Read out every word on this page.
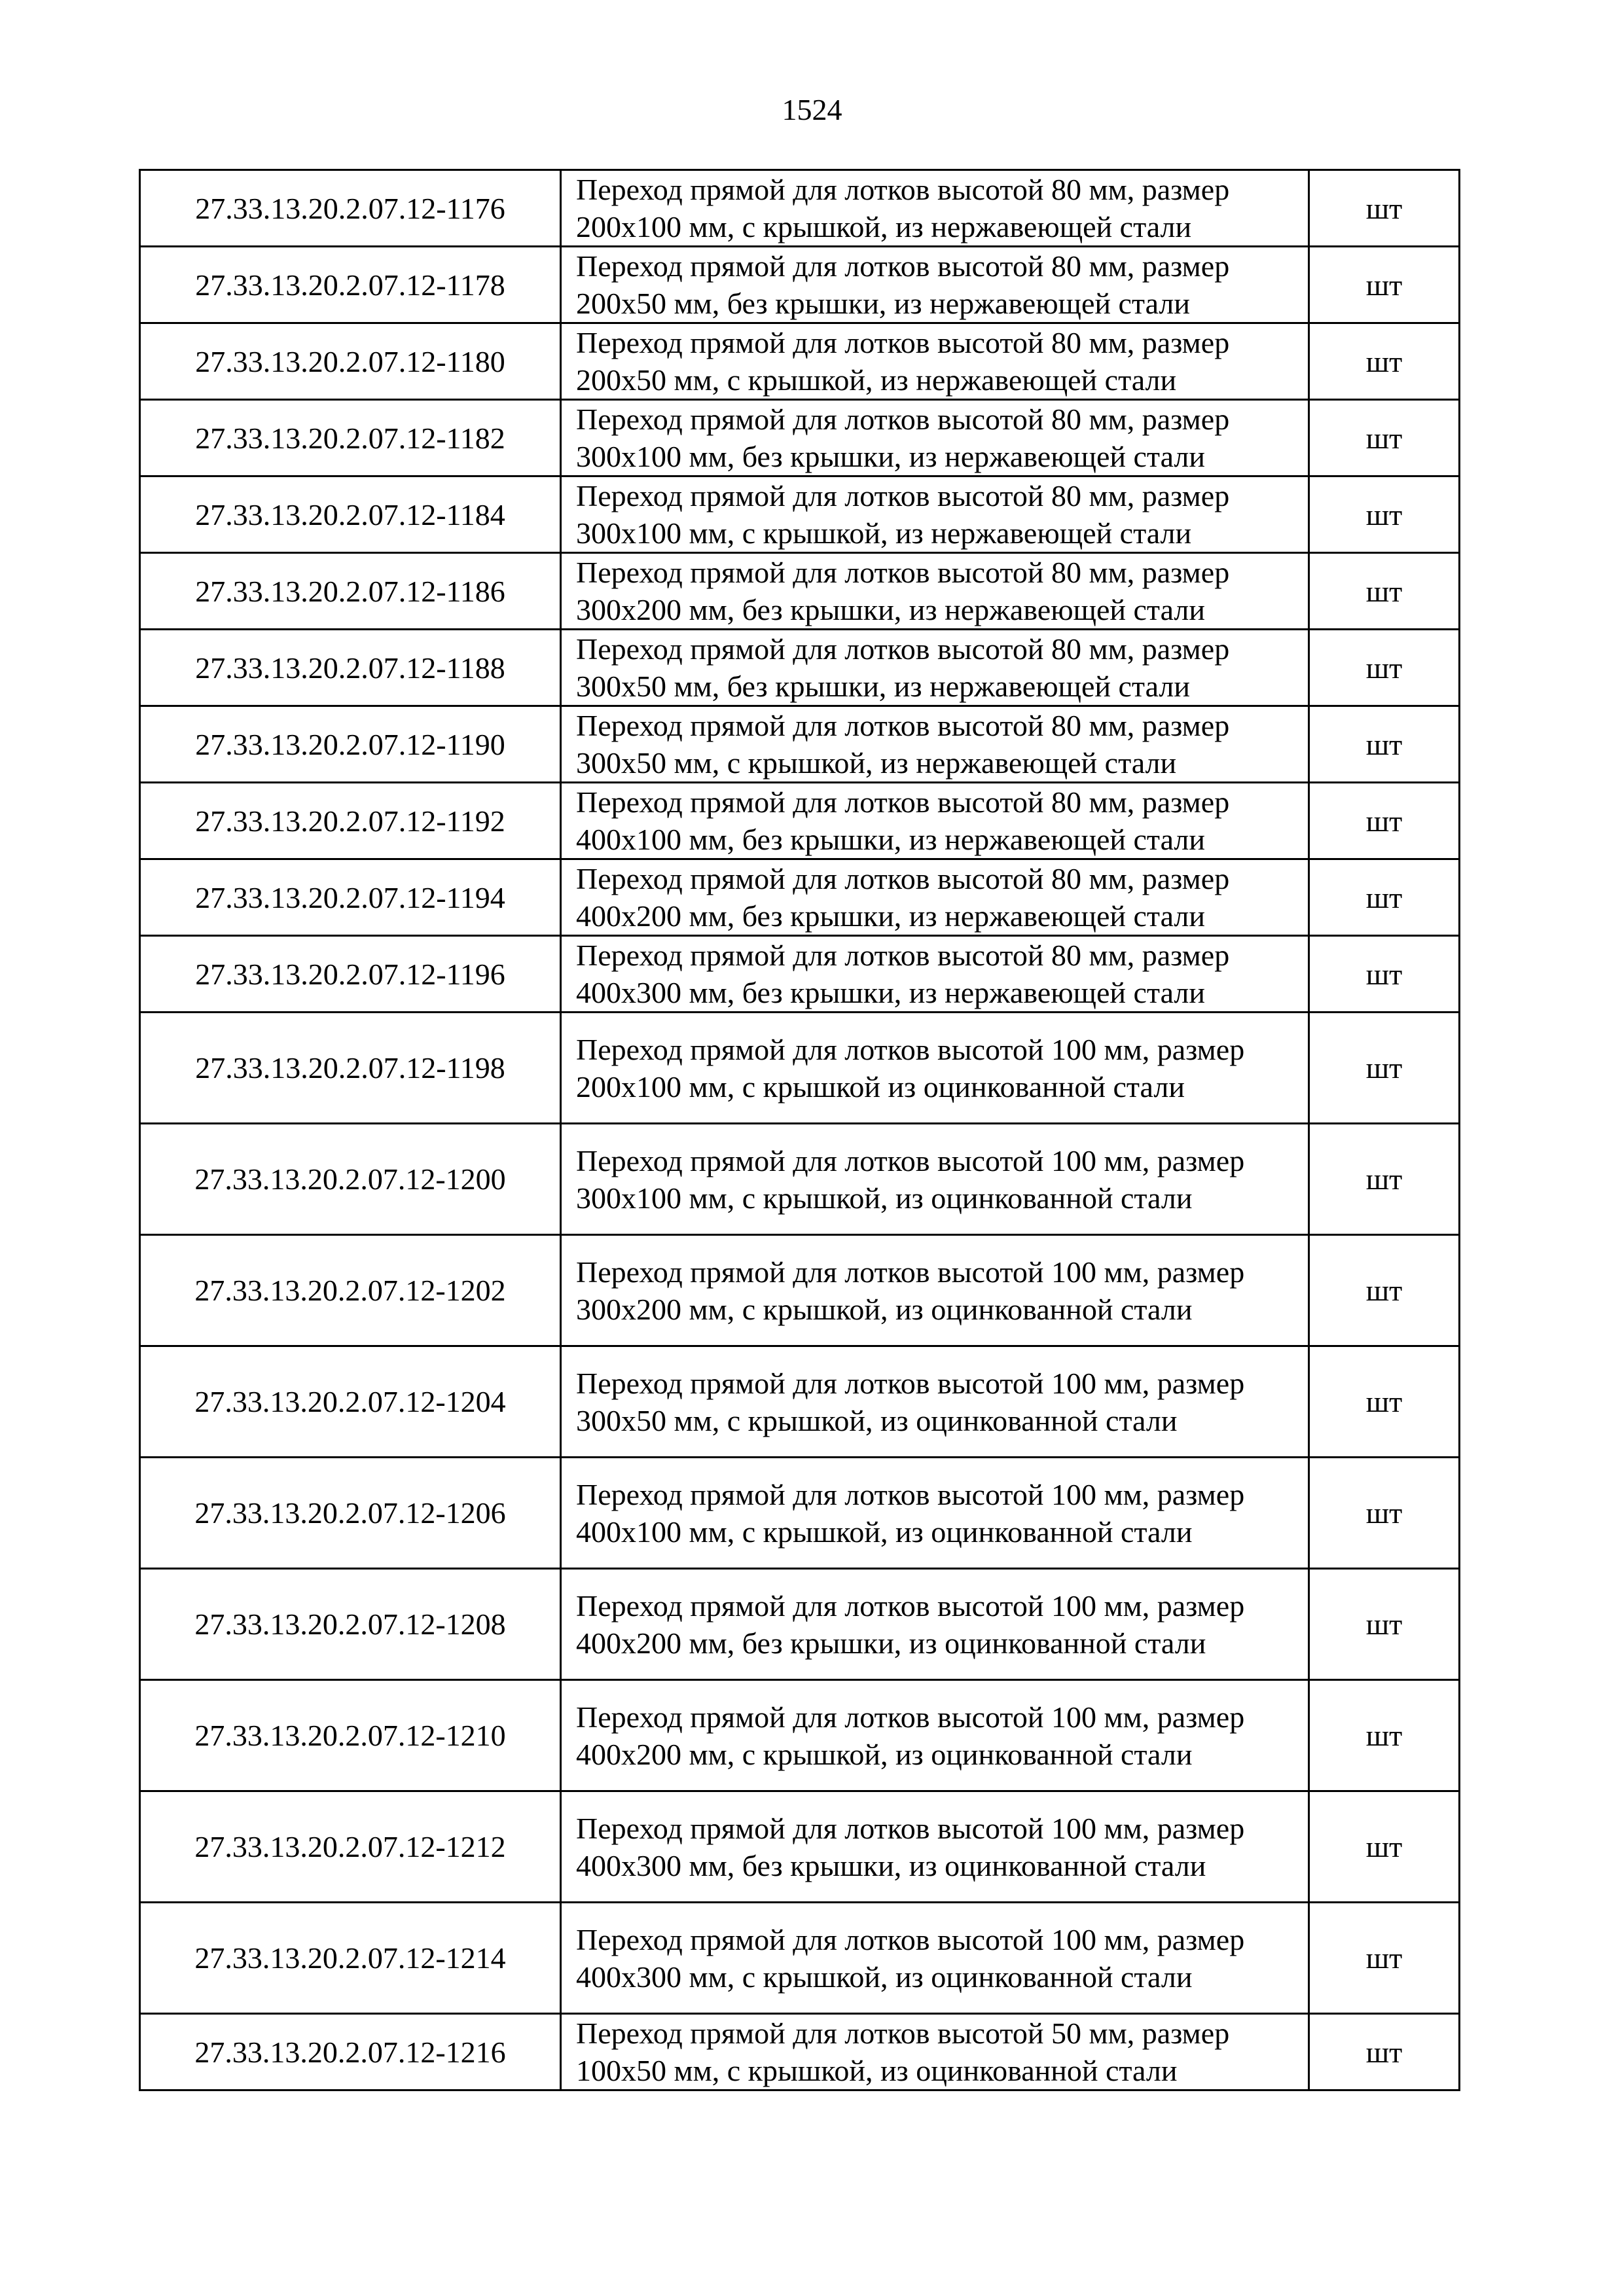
1524
27.33.13.20.2.07.12-1176	Переход прямой для лотков высотой 80 мм, размер 200х100 мм, с крышкой, из нержавеющей стали	шт
27.33.13.20.2.07.12-1178	Переход прямой для лотков высотой 80 мм, размер 200х50 мм, без крышки, из нержавеющей стали	шт
27.33.13.20.2.07.12-1180	Переход прямой для лотков высотой 80 мм, размер 200х50 мм, с крышкой, из нержавеющей стали	шт
27.33.13.20.2.07.12-1182	Переход прямой для лотков высотой 80 мм, размер 300х100 мм, без крышки, из нержавеющей стали	шт
27.33.13.20.2.07.12-1184	Переход прямой для лотков высотой 80 мм, размер 300х100 мм, с крышкой, из нержавеющей стали	шт
27.33.13.20.2.07.12-1186	Переход прямой для лотков высотой 80 мм, размер 300х200 мм, без крышки, из нержавеющей стали	шт
27.33.13.20.2.07.12-1188	Переход прямой для лотков высотой 80 мм, размер 300х50 мм, без крышки, из нержавеющей стали	шт
27.33.13.20.2.07.12-1190	Переход прямой для лотков высотой 80 мм, размер 300х50 мм, с крышкой, из нержавеющей стали	шт
27.33.13.20.2.07.12-1192	Переход прямой для лотков высотой 80 мм, размер 400х100 мм, без крышки, из нержавеющей стали	шт
27.33.13.20.2.07.12-1194	Переход прямой для лотков высотой 80 мм, размер 400х200 мм, без крышки, из нержавеющей стали	шт
27.33.13.20.2.07.12-1196	Переход прямой для лотков высотой 80 мм, размер 400х300 мм, без крышки, из нержавеющей стали	шт
27.33.13.20.2.07.12-1198	Переход прямой для лотков высотой 100 мм, размер 200х100 мм, с крышкой из оцинкованной стали	шт
27.33.13.20.2.07.12-1200	Переход прямой для лотков высотой 100 мм, размер 300х100 мм, с крышкой, из оцинкованной стали	шт
27.33.13.20.2.07.12-1202	Переход прямой для лотков высотой 100 мм, размер 300х200 мм, с крышкой, из оцинкованной стали	шт
27.33.13.20.2.07.12-1204	Переход прямой для лотков высотой 100 мм, размер 300х50 мм, с крышкой, из оцинкованной стали	шт
27.33.13.20.2.07.12-1206	Переход прямой для лотков высотой 100 мм, размер 400х100 мм, с крышкой, из оцинкованной стали	шт
27.33.13.20.2.07.12-1208	Переход прямой для лотков высотой 100 мм, размер 400х200 мм, без крышки, из оцинкованной стали	шт
27.33.13.20.2.07.12-1210	Переход прямой для лотков высотой 100 мм, размер 400х200 мм, с крышкой, из оцинкованной стали	шт
27.33.13.20.2.07.12-1212	Переход прямой для лотков высотой 100 мм, размер 400х300 мм, без крышки, из оцинкованной стали	шт
27.33.13.20.2.07.12-1214	Переход прямой для лотков высотой 100 мм, размер 400х300 мм, с крышкой, из оцинкованной стали	шт
27.33.13.20.2.07.12-1216	Переход прямой для лотков высотой 50 мм, размер 100х50 мм, с крышкой, из оцинкованной стали	шт
